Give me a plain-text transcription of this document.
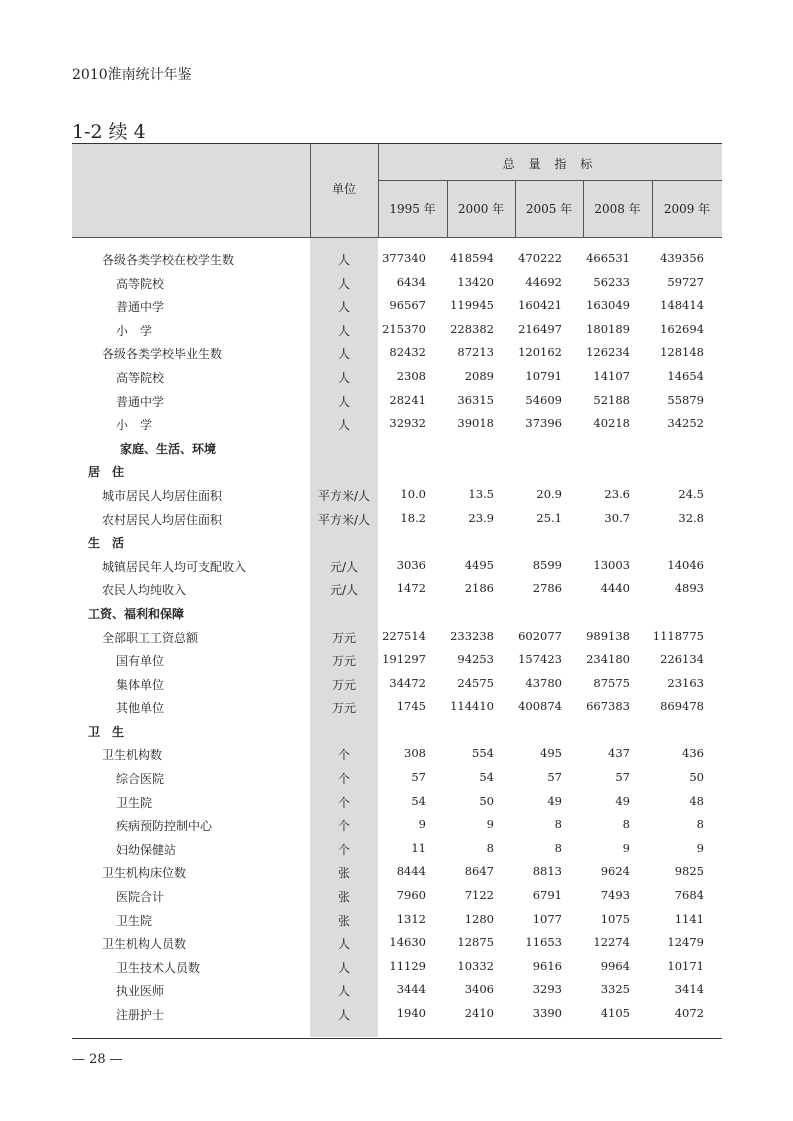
2010淮南统计年鉴
1-2 续 4
总 量 指 标
单位
1995 年	2000 年	2005 年	2008 年	2009 年
各级各类学校在校学生数	人	377340	418594	470222	466531	439356
高等院校	人	6434	13420	44692	56233	59727
普通中学	人	96567	119945	160421	163049	148414
小　学	人	215370	228382	216497	180189	162694
各级各类学校毕业生数	人	82432	87213	120162	126234	128148
高等院校	人	2308	2089	10791	14107	14654
普通中学	人	28241	36315	54609	52188	55879
小　学	人	32932	39018	37396	40218	34252
家庭、生活、环境
居　住
城市居民人均居住面积	平方米/人	10.0	13.5	20.9	23.6	24.5
农村居民人均居住面积	平方米/人	18.2	23.9	25.1	30.7	32.8
生　活
城镇居民年人均可支配收入	元/人	3036	4495	8599	13003	14046
农民人均纯收入	元/人	1472	2186	2786	4440	4893
工资、福利和保障
全部职工工资总额	万元	227514	233238	602077	989138	1118775
国有单位	万元	191297	94253	157423	234180	226134
集体单位	万元	34472	24575	43780	87575	23163
其他单位	万元	1745	114410	400874	667383	869478
卫　生
卫生机构数	个	308	554	495	437	436
综合医院	个	57	54	57	57	50
卫生院	个	54	50	49	49	48
疾病预防控制中心	个	9	9	8	8	8
妇幼保健站	个	11	8	8	9	9
卫生机构床位数	张	8444	8647	8813	9624	9825
医院合计	张	7960	7122	6791	7493	7684
卫生院	张	1312	1280	1077	1075	1141
卫生机构人员数	人	14630	12875	11653	12274	12479
卫生技术人员数	人	11129	10332	9616	9964	10171
执业医师	人	3444	3406	3293	3325	3414
注册护士	人	1940	2410	3390	4105	4072
— 28 —
